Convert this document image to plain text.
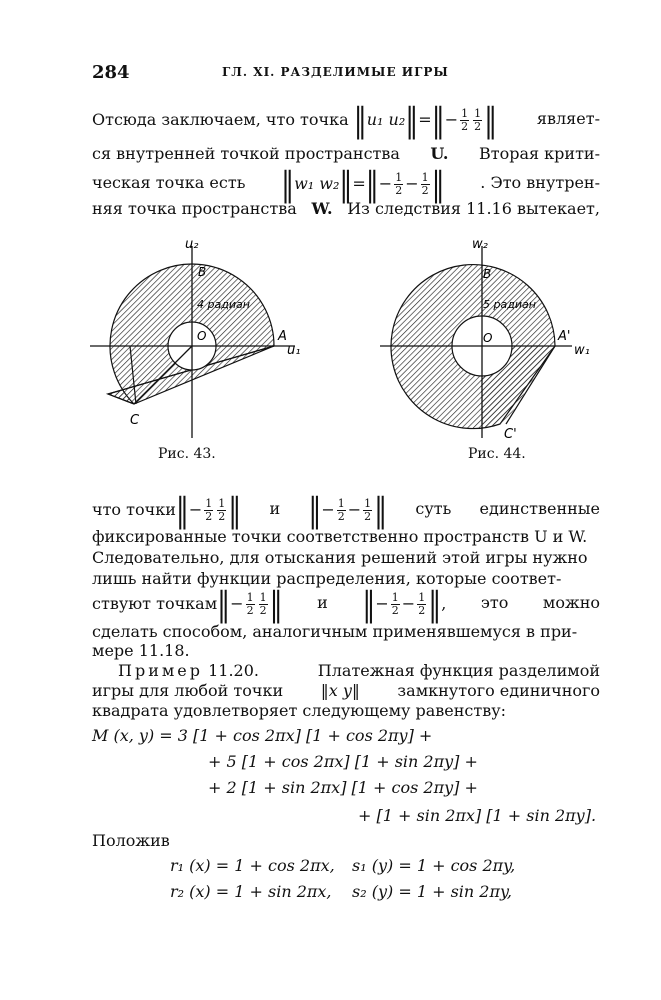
284	ГЛ. XI. РАЗДЕЛИМЫЕ ИГРЫ
Отсюда заключаем, что точка ‖u₁ u₂‖=‖− $\frac{1}{2} \frac{1}{2}$ ‖ являет-
ся внутренней точкой пространства U. Вторая крити-
ческая точка есть ‖w₁ w₂‖=‖− $\frac{1}{2} - \frac{1}{2}$ ‖ . Это внутрен-
няя точка пространства W. Из следствия 11.16 вытекает,
u₂
u₁
A
B
C
O
4 радиан
w₂
w₁
A'
B
C'
O
5 радиан
Рис. 43.	Рис. 44.
что точки‖− $\frac{1}{2} \frac{1}{2}$ ‖ и ‖− $\frac{1}{2} - \frac{1}{2}$ ‖ суть единственные
фиксированные точки соответственно пространств U и W.
Следовательно, для отыскания решений этой игры нужно
лишь найти функции распределения, которые соответ-
ствуют точкам‖− $\frac{1}{2} \frac{1}{2}$ ‖ и ‖− $\frac{1}{2} - \frac{1}{2}$ ‖, это можно
сделать способом, аналогичным применявшемуся в при-
мере 11.18.
Пример 11.20.	Платежная функция разделимой
игры для любой точки ‖x y‖ замкнутого единичного
квадрата удовлетворяет следующему равенству:
M (x, y) = 3 [1 + cos 2πx] [1 + cos 2πy] +
+ 5 [1 + cos 2πx] [1 + sin 2πy] +
+ 2 [1 + sin 2πx] [1 + cos 2πy] +
+ [1 + sin 2πx] [1 + sin 2πy].
Положив
r₁ (x) = 1 + cos 2πx, s₁ (y) = 1 + cos 2πy,
r₂ (x) = 1 + sin 2πx, s₂ (y) = 1 + sin 2πy,
